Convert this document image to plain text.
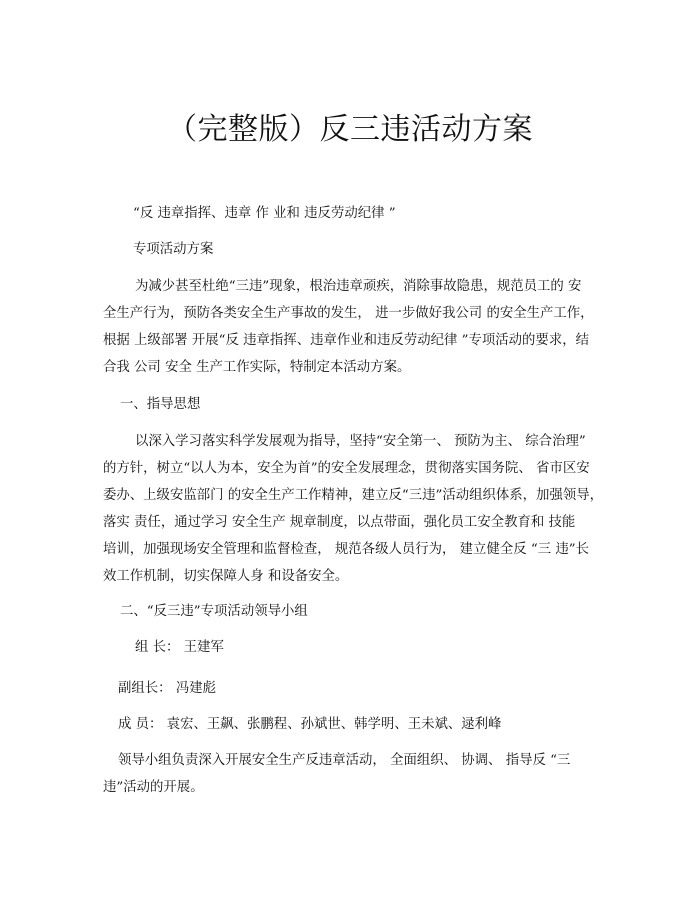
（完整版）反三违活动方案
“反 违章指挥、违章 作 业和 违反劳动纪律 ”
专项活动方案
为减少甚至杜绝“三违”现象，根治违章顽疾，消除事故隐患，规范员工的 安
全生产行为，预防各类安全生产事故的发生， 进一步做好我公司 的安全生产工作，
根据 上级部署 开展“反 违章指挥、违章作业和违反劳动纪律 ”专项活动的要求，结
合我 公司 安全 生产工作实际，特制定本活动方案。
一、指导思想
以深入学习落实科学发展观为指导，坚持“安全第一、 预防为主、 综合治理”
的方针，树立“以人为本，安全为首”的安全发展理念，贯彻落实国务院、 省市区安
委办、上级安监部门 的安全生产工作精神，建立反“三违”活动组织体系，加强领导，
落实 责任，通过学习 安全生产 规章制度，以点带面，强化员工安全教育和 技能
培训，加强现场安全管理和监督检查， 规范各级人员行为， 建立健全反 “三 违”长
效工作机制，切实保障人身 和设备安全。
二、“反三违”专项活动领导小组
组 长： 王建军
副组长： 冯建彪
成 员： 袁宏、王飙、张鹏程、孙斌世、韩学明、王未斌、逯利峰
领导小组负责深入开展安全生产反违章活动， 全面组织、 协调、 指导反 “三
违”活动的开展。
